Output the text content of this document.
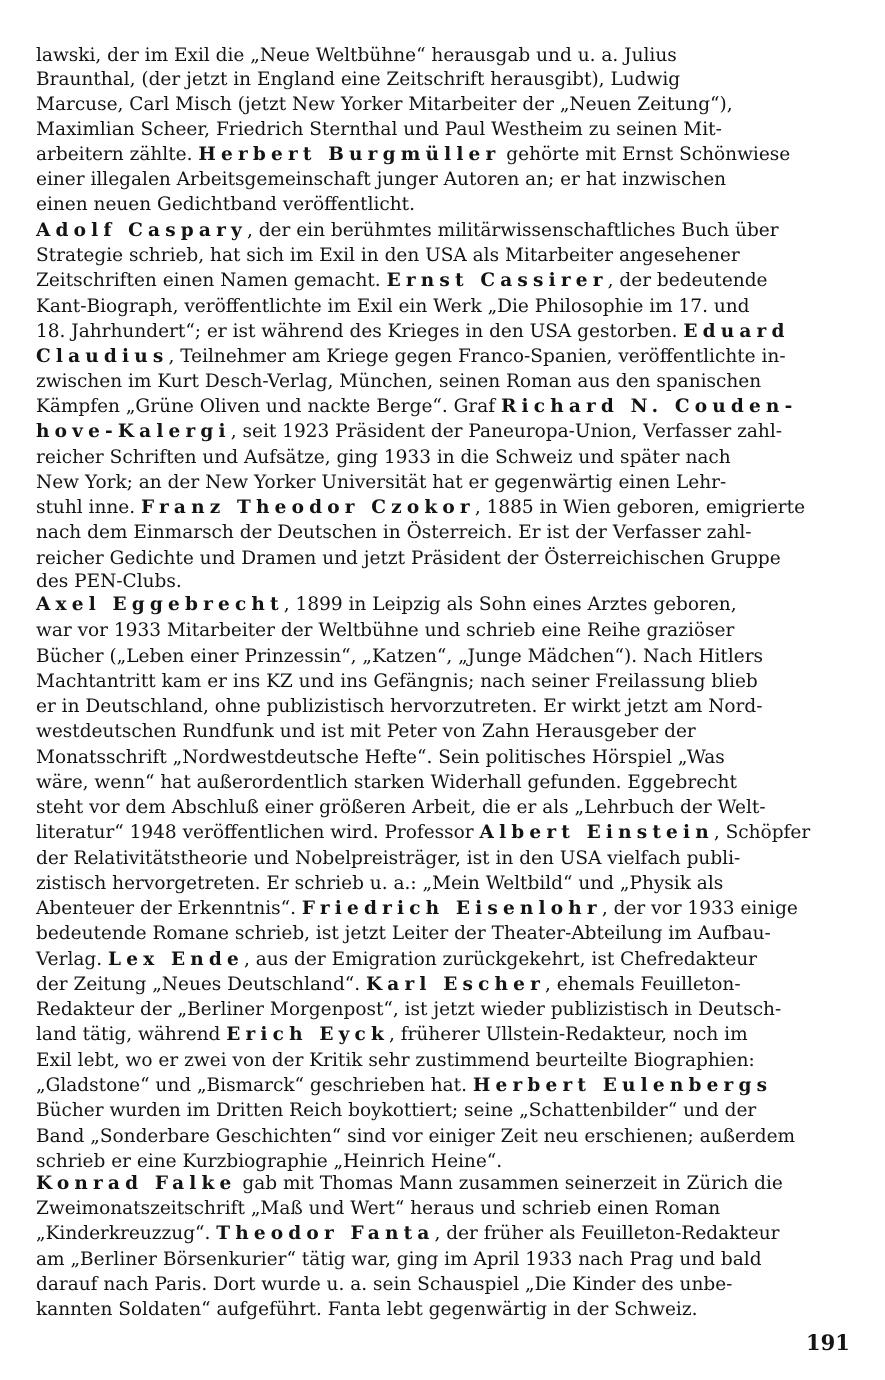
lawski, der im Exil die „Neue Weltbühne“ herausgab und u. a. Julius
Braunthal, (der jetzt in England eine Zeitschrift herausgibt), Ludwig
Marcuse, Carl Misch (jetzt New Yorker Mitarbeiter der „Neuen Zeitung“),
Maximlian Scheer, Friedrich Sternthal und Paul Westheim zu seinen Mit-
arbeitern zählte. Herbert Burgmüller gehörte mit Ernst Schönwiese
einer illegalen Arbeitsgemeinschaft junger Autoren an; er hat inzwischen
einen neuen Gedichtband veröffentlicht.
Adolf Caspary, der ein berühmtes militärwissenschaftliches Buch über
Strategie schrieb, hat sich im Exil in den USA als Mitarbeiter angesehener
Zeitschriften einen Namen gemacht. Ernst Cassirer, der bedeutende
Kant-Biograph, veröffentlichte im Exil ein Werk „Die Philosophie im 17. und
18. Jahrhundert“; er ist während des Krieges in den USA gestorben. Eduard
Claudius, Teilnehmer am Kriege gegen Franco-Spanien, veröffentlichte in-
zwischen im Kurt Desch-Verlag, München, seinen Roman aus den spanischen
Kämpfen „Grüne Oliven und nackte Berge“. Graf Richard N. Couden-
hove-Kalergi, seit 1923 Präsident der Paneuropa-Union, Verfasser zahl-
reicher Schriften und Aufsätze, ging 1933 in die Schweiz und später nach
New York; an der New Yorker Universität hat er gegenwärtig einen Lehr-
stuhl inne. Franz Theodor Czokor, 1885 in Wien geboren, emigrierte
nach dem Einmarsch der Deutschen in Österreich. Er ist der Verfasser zahl-
reicher Gedichte und Dramen und jetzt Präsident der Österreichischen Gruppe
des PEN-Clubs.
Axel Eggebrecht, 1899 in Leipzig als Sohn eines Arztes geboren,
war vor 1933 Mitarbeiter der Weltbühne und schrieb eine Reihe graziöser
Bücher („Leben einer Prinzessin“, „Katzen“, „Junge Mädchen“). Nach Hitlers
Machtantritt kam er ins KZ und ins Gefängnis; nach seiner Freilassung blieb
er in Deutschland, ohne publizistisch hervorzutreten. Er wirkt jetzt am Nord-
westdeutschen Rundfunk und ist mit Peter von Zahn Herausgeber der
Monatsschrift „Nordwestdeutsche Hefte“. Sein politisches Hörspiel „Was
wäre, wenn“ hat außerordentlich starken Widerhall gefunden. Eggebrecht
steht vor dem Abschluß einer größeren Arbeit, die er als „Lehrbuch der Welt-
literatur“ 1948 veröffentlichen wird. Professor Albert Einstein, Schöpfer
der Relativitätstheorie und Nobelpreisträger, ist in den USA vielfach publi-
zistisch hervorgetreten. Er schrieb u. a.: „Mein Weltbild“ und „Physik als
Abenteuer der Erkenntnis“. Friedrich Eisenlohr, der vor 1933 einige
bedeutende Romane schrieb, ist jetzt Leiter der Theater-Abteilung im Aufbau-
Verlag. Lex Ende, aus der Emigration zurückgekehrt, ist Chefredakteur
der Zeitung „Neues Deutschland“. Karl Escher, ehemals Feuilleton-
Redakteur der „Berliner Morgenpost“, ist jetzt wieder publizistisch in Deutsch-
land tätig, während Erich Eyck, früherer Ullstein-Redakteur, noch im
Exil lebt, wo er zwei von der Kritik sehr zustimmend beurteilte Biographien:
„Gladstone“ und „Bismarck“ geschrieben hat. Herbert Eulenbergs
Bücher wurden im Dritten Reich boykottiert; seine „Schattenbilder“ und der
Band „Sonderbare Geschichten“ sind vor einiger Zeit neu erschienen; außerdem
schrieb er eine Kurzbiographie „Heinrich Heine“.
Konrad Falke gab mit Thomas Mann zusammen seinerzeit in Zürich die
Zweimonatszeitschrift „Maß und Wert“ heraus und schrieb einen Roman
„Kinderkreuzzug“. Theodor Fanta, der früher als Feuilleton-Redakteur
am „Berliner Börsenkurier“ tätig war, ging im April 1933 nach Prag und bald
darauf nach Paris. Dort wurde u. a. sein Schauspiel „Die Kinder des unbe-
kannten Soldaten“ aufgeführt. Fanta lebt gegenwärtig in der Schweiz.
191
